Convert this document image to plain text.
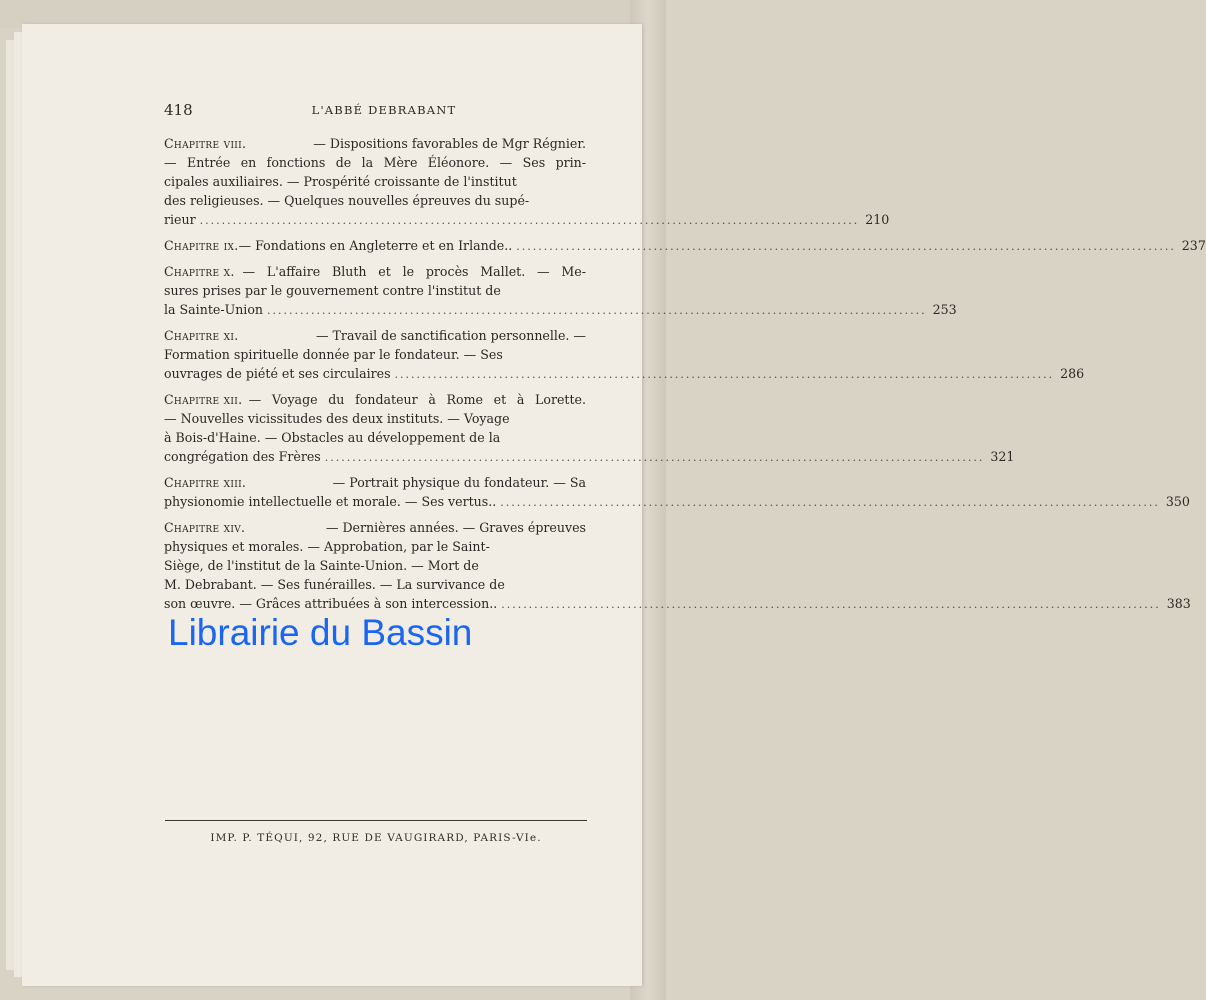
418	L'ABBÉ DEBRABANT
Chapitre viii.	— Dispositions favorables de Mgr Régnier.
— Entrée en fonctions de la Mère Éléonore. — Ses prin-
cipales auxiliaires. — Prospérité croissante de l'institut
des religieuses. — Quelques nouvelles épreuves du supé-
rieur ........................................................................................................................ 210
Chapitre ix. — Fondations en Angleterre et en Irlande.. ........................................................................................................................ 237
Chapitre x. — L'affaire Bluth et le procès Mallet. — Me-
sures prises par le gouvernement contre l'institut de
la Sainte-Union ........................................................................................................................ 253
Chapitre xi.	— Travail de sanctification personnelle. —
Formation spirituelle donnée par le fondateur. — Ses
ouvrages de piété et ses circulaires ........................................................................................................................ 286
Chapitre xii. — Voyage du fondateur à Rome et à Lorette.
— Nouvelles vicissitudes des deux instituts. — Voyage
à Bois-d'Haine. — Obstacles au développement de la
congrégation des Frères ........................................................................................................................ 321
Chapitre xiii.	— Portrait physique du fondateur. — Sa
physionomie intellectuelle et morale. — Ses vertus.. ........................................................................................................................ 350
Chapitre xiv.	— Dernières années. — Graves épreuves
physiques et morales. — Approbation, par le Saint-
Siège, de l'institut de la Sainte-Union. — Mort de
M. Debrabant. — Ses funérailles. — La survivance de
son œuvre. — Grâces attribuées à son intercession.. ........................................................................................................................ 383
Librairie du Bassin
IMP. P. TÉQUI, 92, RUE DE VAUGIRARD, PARIS-VIe.
